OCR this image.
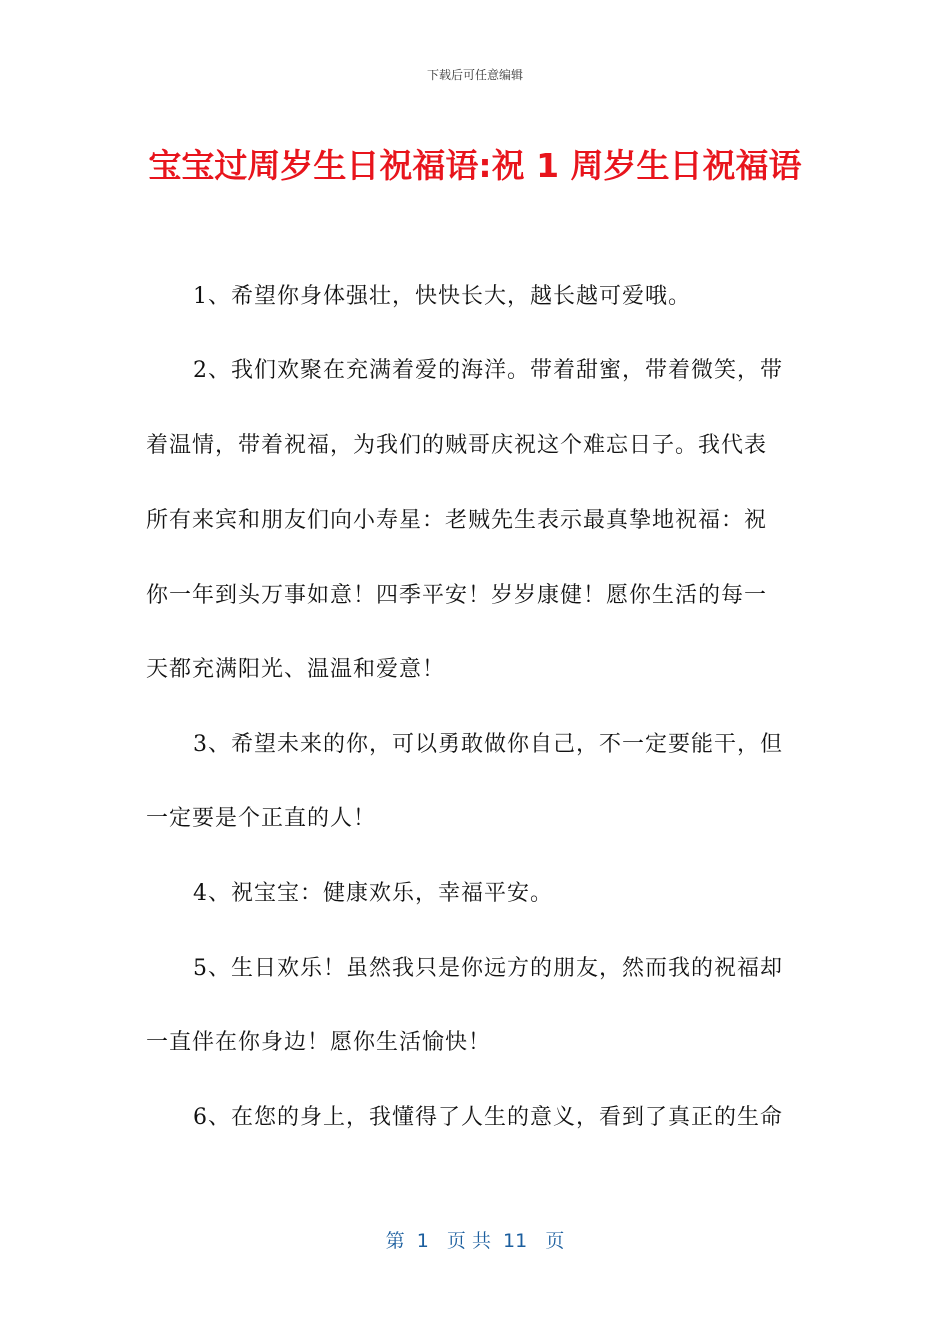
下载后可任意编辑
宝宝过周岁生日祝福语:祝 1 周岁生日祝福语
1、希望你身体强壮，快快长大，越长越可爱哦。
2、我们欢聚在充满着爱的海洋。带着甜蜜，带着微笑，带
着温情，带着祝福，为我们的贼哥庆祝这个难忘日子。我代表
所有来宾和朋友们向小寿星：老贼先生表示最真挚地祝福：祝
你一年到头万事如意！四季平安！岁岁康健！愿你生活的每一
天都充满阳光、温温和爱意！
3、希望未来的你，可以勇敢做你自己，不一定要能干，但
一定要是个正直的人！
4、祝宝宝：健康欢乐，幸福平安。
5、生日欢乐！虽然我只是你远方的朋友，然而我的祝福却
一直伴在你身边！愿你生活愉快！
6、在您的身上，我懂得了人生的意义，看到了真正的生命
第  1   页 共  11   页
